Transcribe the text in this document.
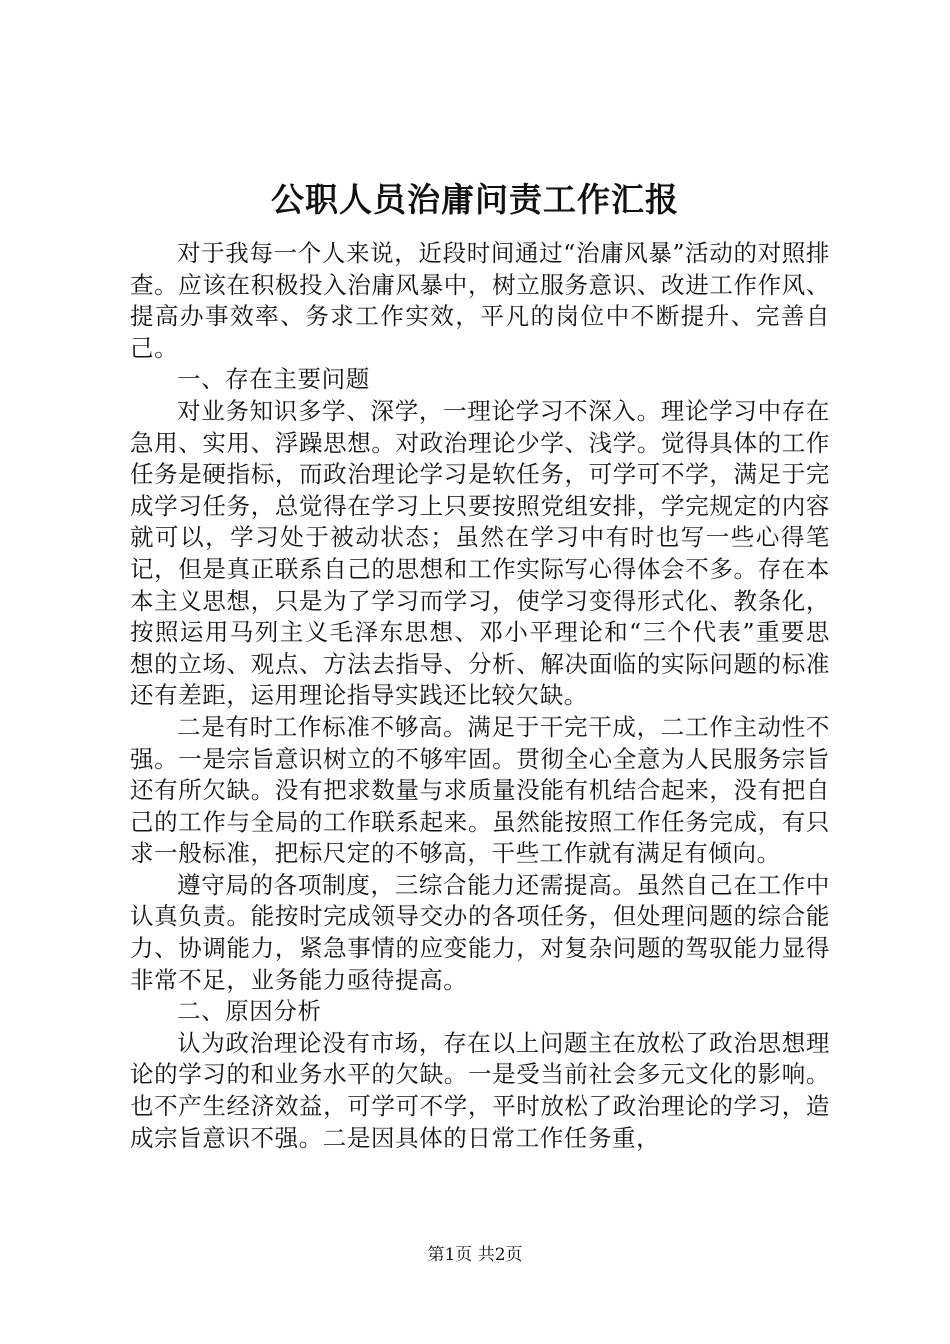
公职人员治庸问责工作汇报

对于我每一个人来说，近段时间通过“治庸风暴”活动的对照排查。应该在积极投入治庸风暴中，树立服务意识、改进工作作风、提高办事效率、务求工作实效，平凡的岗位中不断提升、完善自己。

一、存在主要问题

对业务知识多学、深学，一理论学习不深入。理论学习中存在急用、实用、浮躁思想。对政治理论少学、浅学。觉得具体的工作任务是硬指标，而政治理论学习是软任务，可学可不学，满足于完成学习任务，总觉得在学习上只要按照党组安排，学完规定的内容就可以，学习处于被动状态；虽然在学习中有时也写一些心得笔记，但是真正联系自己的思想和工作实际写心得体会不多。存在本本主义思想，只是为了学习而学习，使学习变得形式化、教条化，按照运用马列主义毛泽东思想、邓小平理论和“三个代表”重要思想的立场、观点、方法去指导、分析、解决面临的实际问题的标准还有差距，运用理论指导实践还比较欠缺。

二是有时工作标准不够高。满足于干完干成，二工作主动性不强。一是宗旨意识树立的不够牢固。贯彻全心全意为人民服务宗旨还有所欠缺。没有把求数量与求质量没能有机结合起来，没有把自己的工作与全局的工作联系起来。虽然能按照工作任务完成，有只求一般标准，把标尺定的不够高，干些工作就有满足有倾向。

遵守局的各项制度，三综合能力还需提高。虽然自己在工作中认真负责。能按时完成领导交办的各项任务，但处理问题的综合能力、协调能力，紧急事情的应变能力，对复杂问题的驾驭能力显得非常不足，业务能力亟待提高。

二、原因分析

认为政治理论没有市场，存在以上问题主在放松了政治思想理论的学习的和业务水平的欠缺。一是受当前社会多元文化的影响。也不产生经济效益，可学可不学，平时放松了政治理论的学习，造成宗旨意识不强。二是因具体的日常工作任务重，

第1页 共2页
